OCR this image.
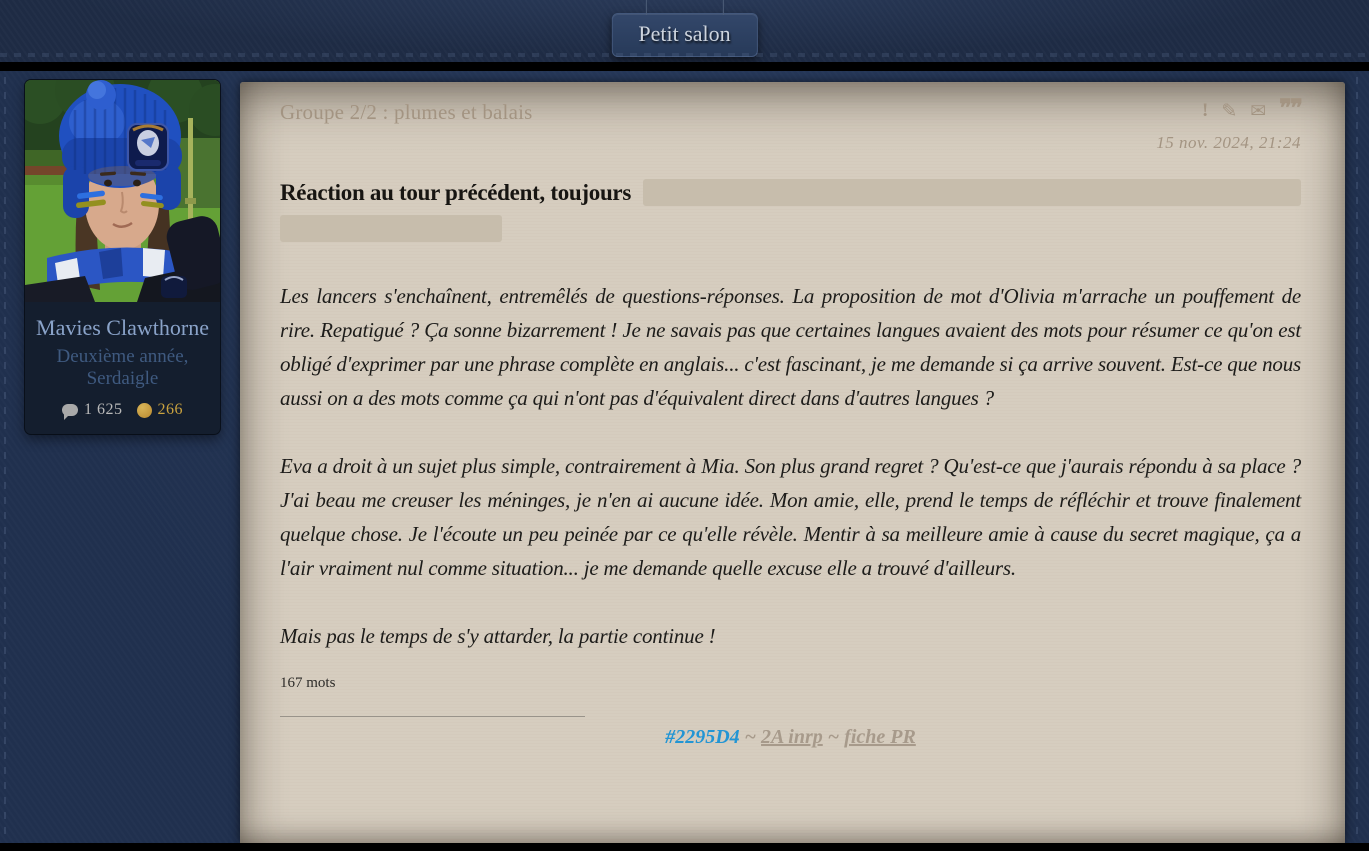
Petit salon
Mavies Clawthorne
Deuxième année,
Serdaigle
1 625 266
Groupe 2/2 : plumes et balais	! ✎ ✉ ❞❞
15 nov. 2024, 21:24
Réaction au tour précédent, toujours

Les lancers s'enchaînent, entremêlés de questions-réponses. La proposition de mot d'Olivia m'arrache un pouffement de rire. Repatigué ? Ça sonne bizarrement ! Je ne savais pas que certaines langues avaient des mots pour résumer ce qu'on est obligé d'exprimer par une phrase complète en anglais... c'est fascinant, je me demande si ça arrive souvent. Est-ce que nous aussi on a des mots comme ça qui n'ont pas d'équivalent direct dans d'autres langues ?

Eva a droit à un sujet plus simple, contrairement à Mia. Son plus grand regret ? Qu'est-ce que j'aurais répondu à sa place ? J'ai beau me creuser les méninges, je n'en ai aucune idée. Mon amie, elle, prend le temps de réfléchir et trouve finalement quelque chose. Je l'écoute un peu peinée par ce qu'elle révèle. Mentir à sa meilleure amie à cause du secret magique, ça a l'air vraiment nul comme situation... je me demande quelle excuse elle a trouvé d'ailleurs.

Mais pas le temps de s'y attarder, la partie continue !

167 mots
#2295D4 ~ 2A inrp ~ fiche PR
